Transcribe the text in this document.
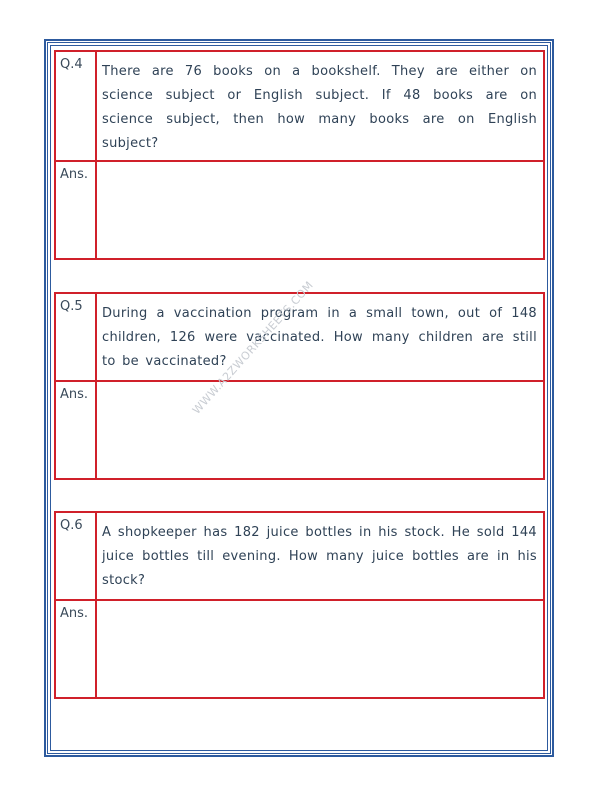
Q.4	There are 76 books on a bookshelf. They are either on science subject or English subject. If 48 books are on science subject, then how many books are on English subject?
Ans.
Q.5	During a vaccination program in a small town, out of 148 children, 126 were vaccinated. How many children are still to be vaccinated?
Ans.
Q.6	A shopkeeper has 182 juice bottles in his stock. He sold 144 juice bottles till evening. How many juice bottles are in his stock?
Ans.
WWW.A2ZWORKSHEETS.COM
